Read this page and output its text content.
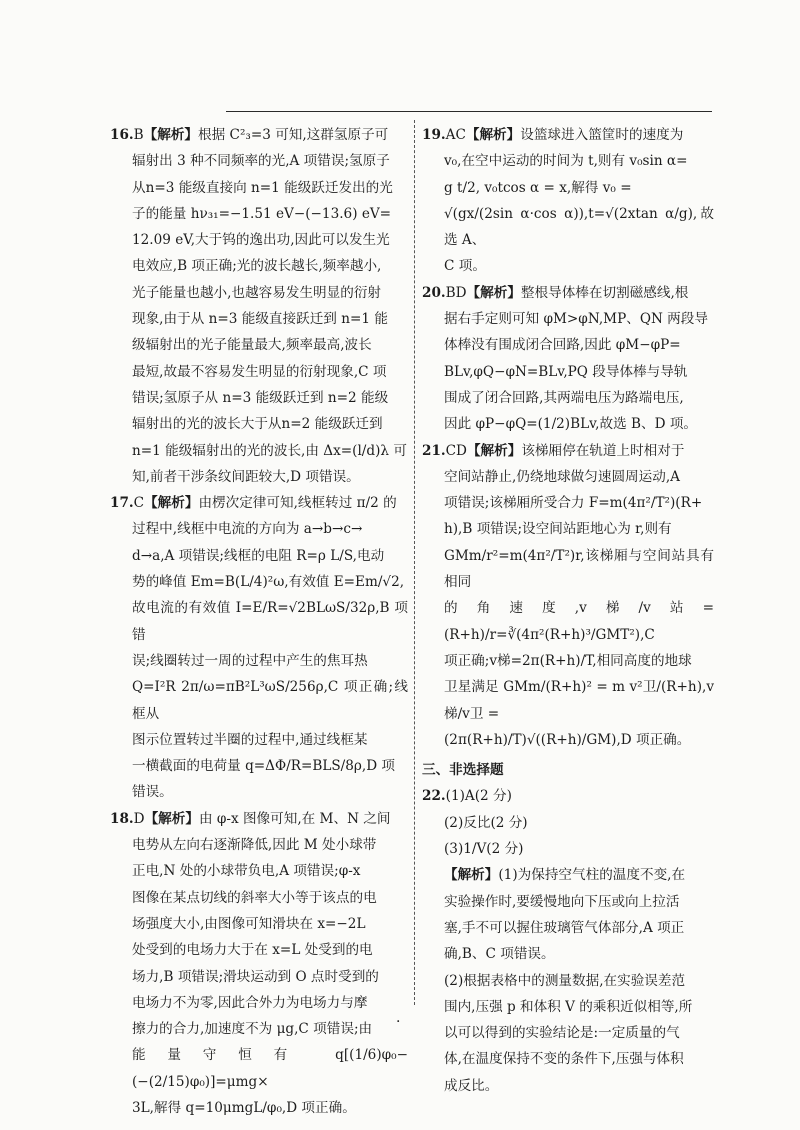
16.B【解析】根据 C²₃=3 可知,这群氢原子可
辐射出 3 种不同频率的光,A 项错误;氢原子
从n=3 能级直接向 n=1 能级跃迁发出的光
子的能量 hν₃₁=−1.51 eV−(−13.6) eV=
12.09 eV,大于钨的逸出功,因此可以发生光
电效应,B 项正确;光的波长越长,频率越小,
光子能量也越小,也越容易发生明显的衍射
现象,由于从 n=3 能级直接跃迁到 n=1 能
级辐射出的光子能量最大,频率最高,波长
最短,故最不容易发生明显的衍射现象,C 项
错误;氢原子从 n=3 能级跃迁到 n=2 能级
辐射出的光的波长大于从n=2 能级跃迁到
n=1 能级辐射出的光的波长,由 Δx=(l/d)λ 可
知,前者干涉条纹间距较大,D 项错误。
17.C【解析】由楞次定律可知,线框转过 π/2 的
过程中,线框中电流的方向为 a→b→c→
d→a,A 项错误;线框的电阻 R=ρ L/S,电动
势的峰值 Em=B(L/4)²ω,有效值 E=Em/√2,
故电流的有效值 I=E/R=√2BLωS/32ρ,B 项错
误;线圈转过一周的过程中产生的焦耳热
Q=I²R 2π/ω=πB²L³ωS/256ρ,C 项正确;线框从
图示位置转过半圈的过程中,通过线框某
一横截面的电荷量 q=ΔΦ/R=BLS/8ρ,D 项
错误。
18.D【解析】由 φ-x 图像可知,在 M、N 之间
电势从左向右逐渐降低,因此 M 处小球带
正电,N 处的小球带负电,A 项错误;φ-x
图像在某点切线的斜率大小等于该点的电
场强度大小,由图像可知滑块在 x=−2L
处受到的电场力大于在 x=L 处受到的电
场力,B 项错误;滑块运动到 O 点时受到的
电场力不为零,因此合外力为电场力与摩
擦力的合力,加速度不为 μg,C 项错误;由
能量守恒有 q[(1/6)φ₀−(−(2/15)φ₀)]=μmg×
3L,解得 q=10μmgL/φ₀,D 项正确。
19.AC【解析】设篮球进入篮筐时的速度为
v₀,在空中运动的时间为 t,则有 v₀sin α=
g t/2, v₀tcos α = x,解得 v₀ =
√(gx/(2sin α·cos α)),t=√(2xtan α/g),故选 A、
C 项。
20.BD【解析】整根导体棒在切割磁感线,根
据右手定则可知 φM>φN,MP、QN 两段导
体棒没有围成闭合回路,因此 φM−φP=
BLv,φQ−φN=BLv,PQ 段导体棒与导轨
围成了闭合回路,其两端电压为路端电压,
因此 φP−φQ=(1/2)BLv,故选 B、D 项。
21.CD【解析】该梯厢停在轨道上时相对于
空间站静止,仍绕地球做匀速圆周运动,A
项错误;该梯厢所受合力 F=m(4π²/T²)(R+
h),B 项错误;设空间站距地心为 r,则有
GMm/r²=m(4π²/T²)r,该梯厢与空间站具有相同
的角速度,v梯/v站=(R+h)/r=∛(4π²(R+h)³/GMT²),C
项正确;v梯=2π(R+h)/T,相同高度的地球
卫星满足 GMm/(R+h)² = m v²卫/(R+h),v梯/v卫 =
(2π(R+h)/T)√((R+h)/GM),D 项正确。
三、非选择题
22.(1)A(2 分)
(2)反比(2 分)
(3)1/V(2 分)
【解析】(1)为保持空气柱的温度不变,在
实验操作时,要缓慢地向下压或向上拉活
塞,手不可以握住玻璃管气体部分,A 项正
确,B、C 项错误。
(2)根据表格中的测量数据,在实验误差范
围内,压强 p 和体积 V 的乘积近似相等,所
以可以得到的实验结论是:一定质量的气
体,在温度保持不变的条件下,压强与体积
成反比。
·
